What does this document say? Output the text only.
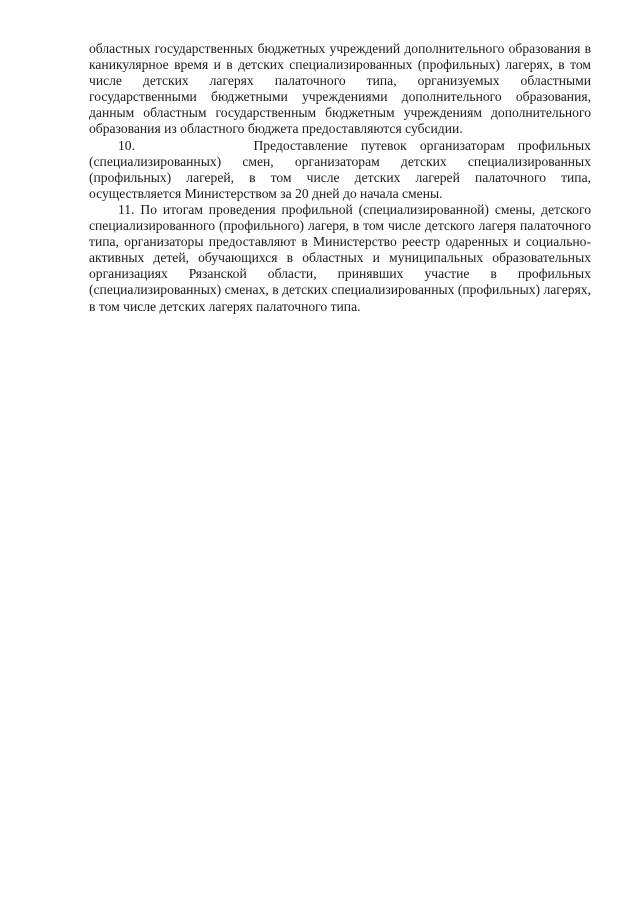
областных государственных бюджетных учреждений дополнительного образования в каникулярное время и в детских специализированных (профильных) лагерях, в том числе детских лагерях палаточного типа, организуемых областными государственными бюджетными учреждениями дополнительного образования, данным областным государственным бюджетным учреждениям дополнительного образования из областного бюджета предоставляются субсидии.

10.	Предоставление путевок организаторам профильных (специализированных) смен, организаторам детских специализированных (профильных) лагерей, в том числе детских лагерей палаточного типа, осуществляется Министерством за 20 дней до начала смены.

11. По итогам проведения профильной (специализированной) смены, детского специализированного (профильного) лагеря, в том числе детского лагеря палаточного типа, организаторы предоставляют в Министерство реестр одаренных и социально-активных детей, обучающихся в областных и муниципальных образовательных организациях Рязанской области, принявших участие в профильных (специализированных) сменах, в детских специализированных (профильных) лагерях, в том числе детских лагерях палаточного типа.
